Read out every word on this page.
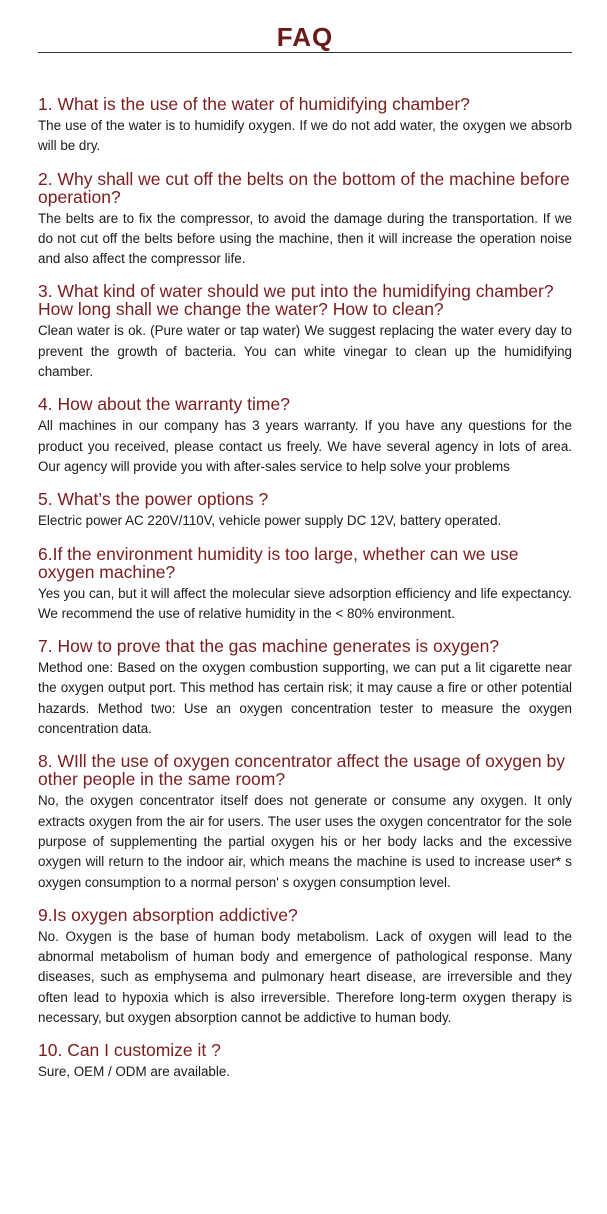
FAQ

1. What is the use of the water of humidifying chamber?

The use of the water is to humidify oxygen. If we do not add water, the oxygen we absorb will be dry.

2. Why shall we cut off the belts on the bottom of the machine before operation?

The belts are to fix the compressor, to avoid the damage during the transportation. If we do not cut off the belts before using the machine, then it will increase the operation noise and also affect the compressor life.

3. What kind of water should we put into the humidifying chamber? How long shall we change the water? How to clean?

Clean water is ok. (Pure water or tap water) We suggest replacing the water every day to prevent the growth of bacteria. You can white vinegar to clean up the humidifying chamber.

4. How about the warranty time?

All machines in our company has 3 years warranty. If you have any questions for the product you received, please contact us freely. We have several agency in lots of area. Our agency will provide you with after-sales service to help solve your problems

5. What’s the power options ?

Electric power AC 220V/110V, vehicle power supply DC 12V, battery operated.

6.If the environment humidity is too large, whether can we use oxygen machine?

Yes you can, but it will affect the molecular sieve adsorption efficiency and life expectancy. We recommend the use of relative humidity in the < 80% environment.

7. How to prove that the gas machine generates is oxygen?

Method one: Based on the oxygen combustion supporting, we can put a lit cigarette near the oxygen output port. This method has certain risk; it may cause a fire or other potential hazards. Method two: Use an oxygen concentration tester to measure the oxygen concentration data.

8. WIll the use of oxygen concentrator affect the usage of oxygen by other people in the same room?

No, the oxygen concentrator itself does not generate or consume any oxygen. It only extracts oxygen from the air for users. The user uses the oxygen concentrator for the sole purpose of supplementing the partial oxygen his or her body lacks and the excessive oxygen will return to the indoor air, which means the machine is used to increase user* s oxygen consumption to a normal person' s oxygen consumption level.

9.Is oxygen absorption addictive?

No. Oxygen is the base of human body metabolism. Lack of oxygen will lead to the abnormal metabolism of human body and emergence of pathological response. Many diseases, such as emphysema and pulmonary heart disease, are irreversible and they often lead to hypoxia which is also irreversible. Therefore long-term oxygen therapy is necessary, but oxygen absorption cannot be addictive to human body.

10. Can I customize it ?

Sure, OEM / ODM are available.
